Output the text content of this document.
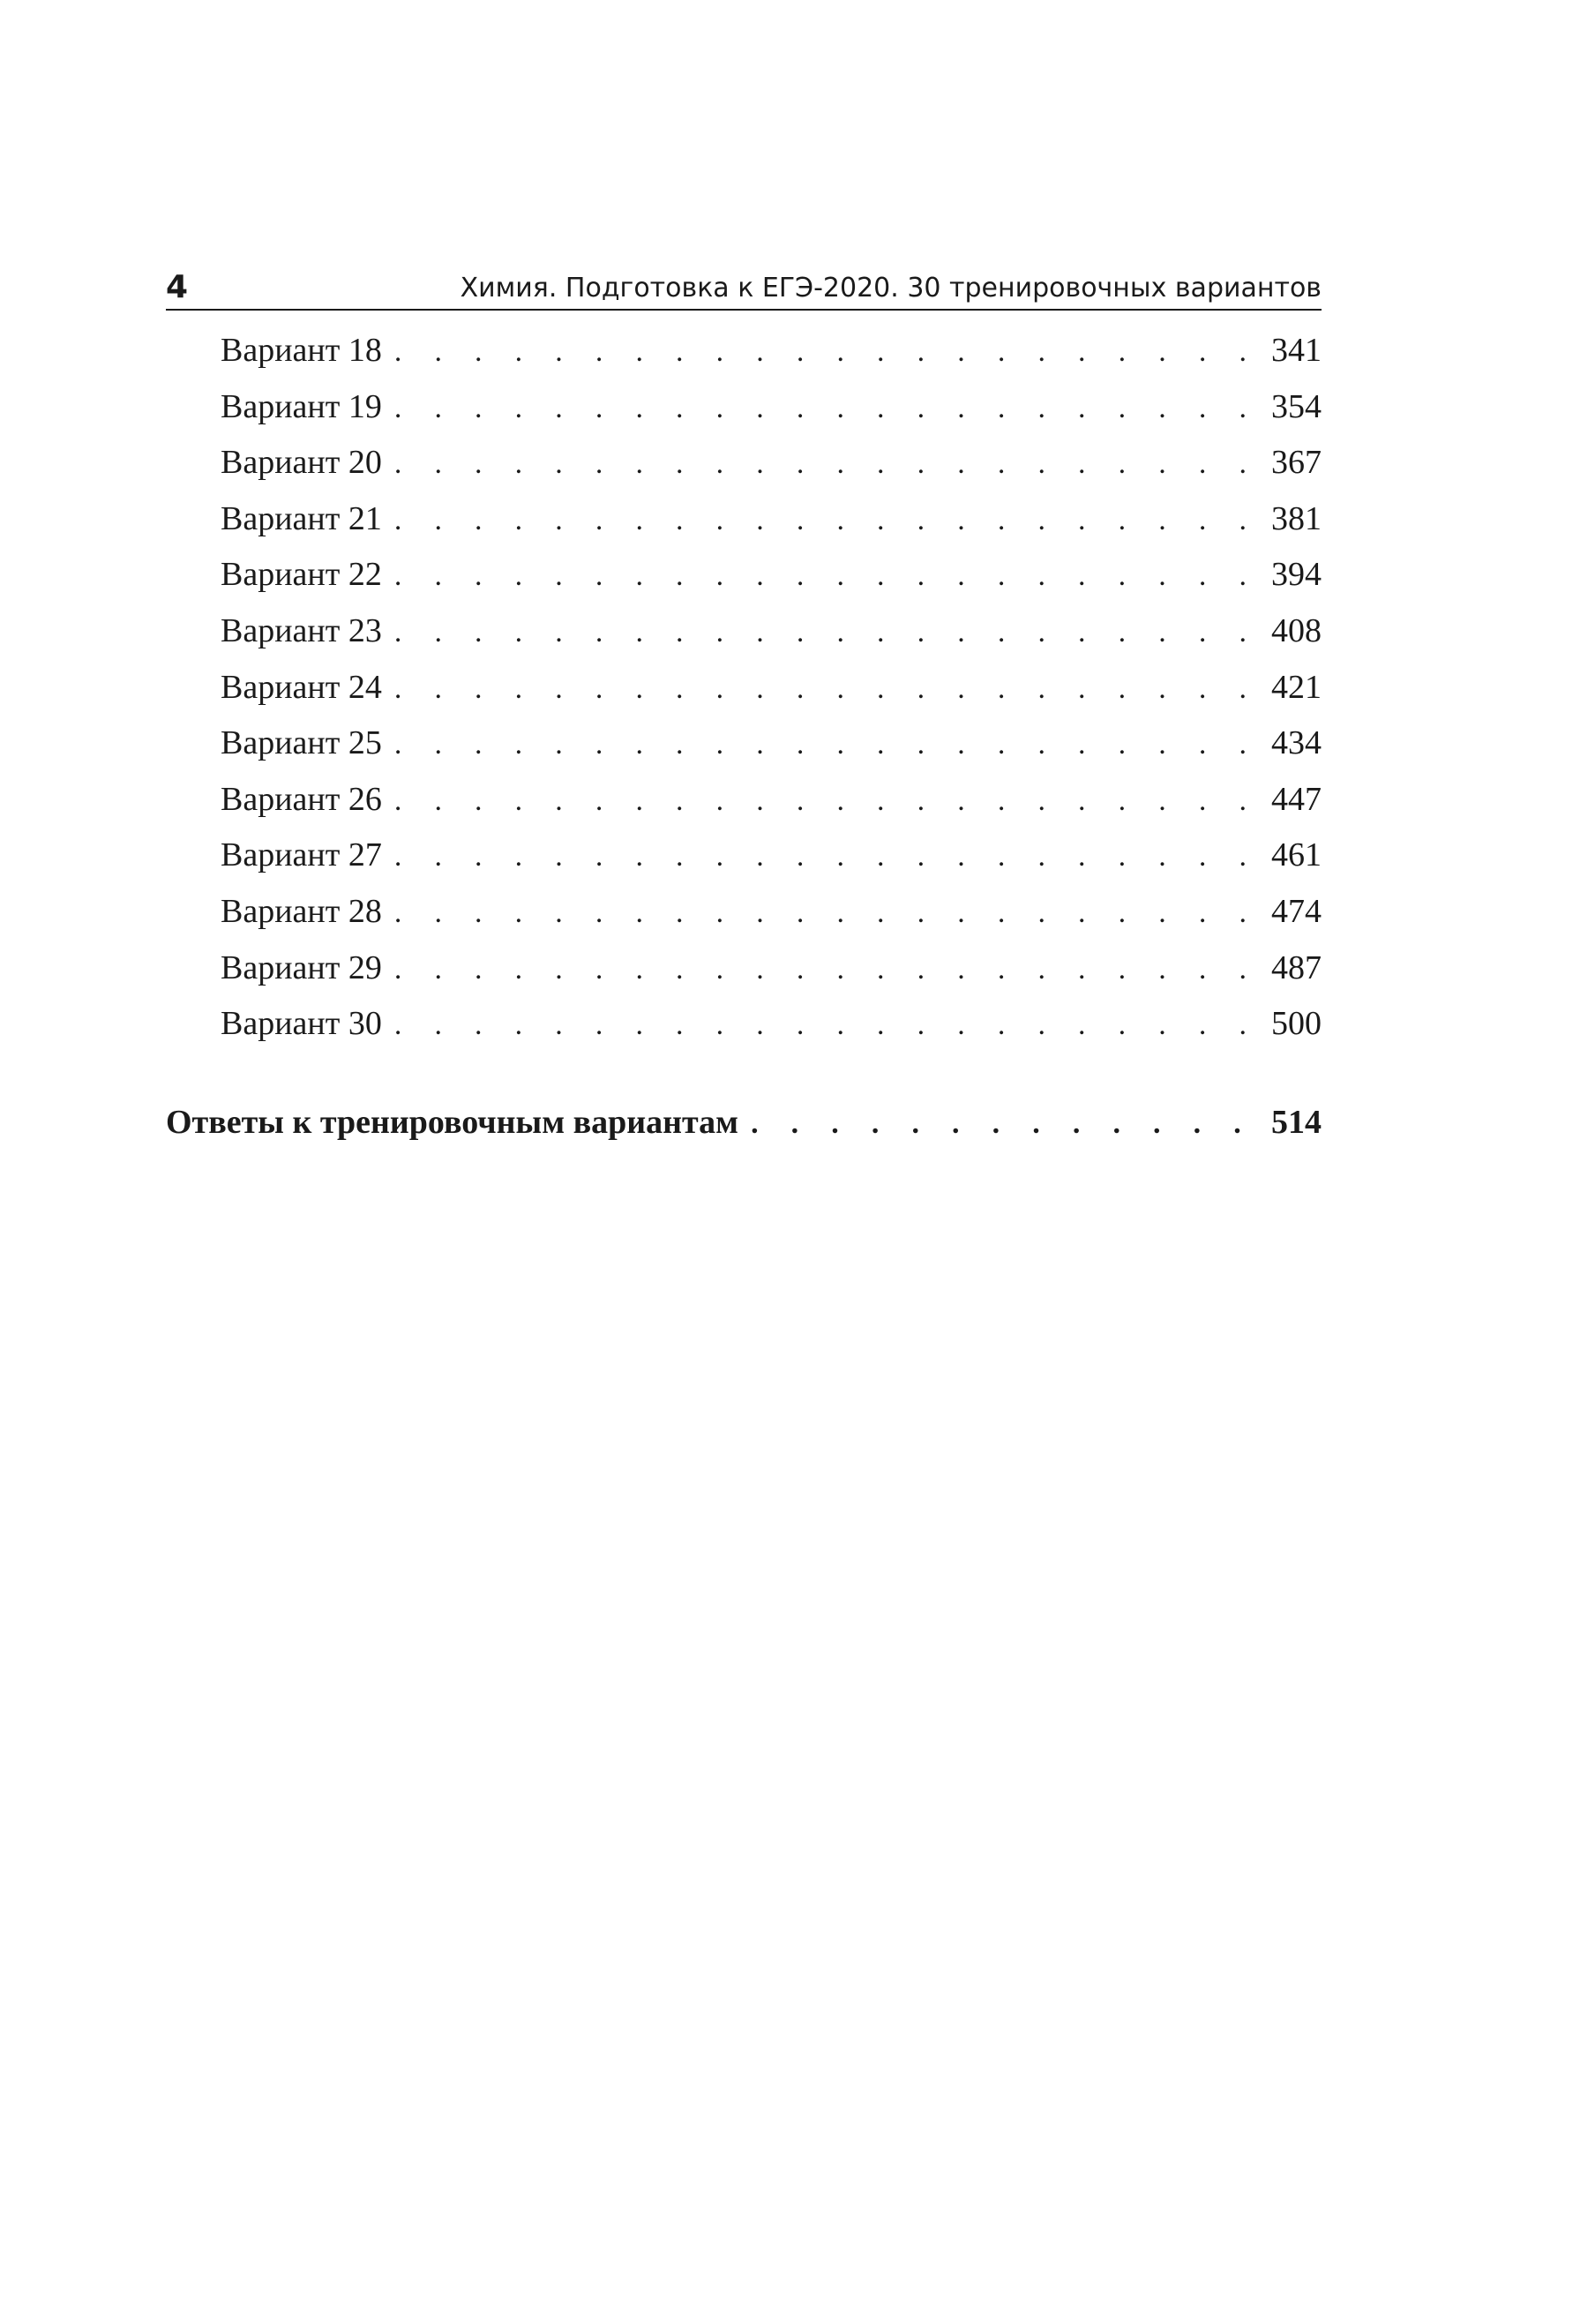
4	Химия. Подготовка к ЕГЭ-2020. 30 тренировочных вариантов
Вариант 18 . . .	341
Вариант 19 . . .	354
Вариант 20 . . .	367
Вариант 21 . . .	381
Вариант 22 . . .	394
Вариант 23 . . .	408
Вариант 24 . . .	421
Вариант 25 . . .	434
Вариант 26 . . .	447
Вариант 27 . . .	461
Вариант 28 . . .	474
Вариант 29 . . .	487
Вариант 30 . . .	500
Ответы к тренировочным вариантам . . .	514
